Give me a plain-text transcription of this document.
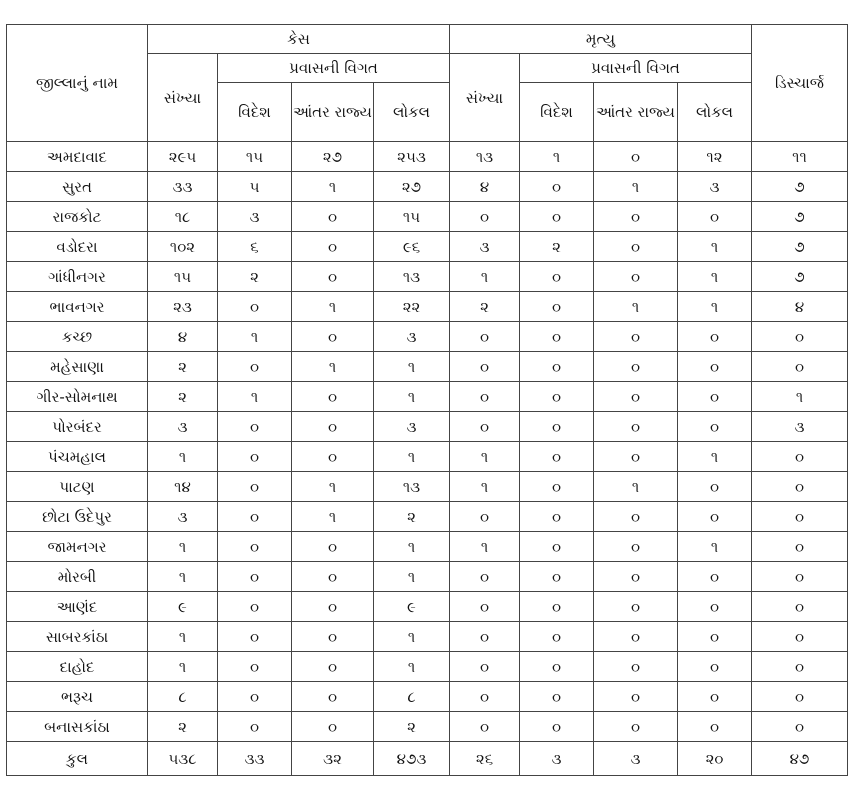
જીલ્લાનું નામ	કેસ				મૃત્યુ				ડિસ્ચાર્જ
	સંખ્યા	પ્રવાસની વિગત			સંખ્યા	પ્રવાસની વિગત			
		વિદેશ	આંતર રાજ્ય	લોકલ		વિદેશ	આંતર રાજ્ય	લોકલ	
અમદાવાદ	૨૯૫	૧૫	૨૭	૨૫૩	૧૩	૧	૦	૧૨	૧૧
સુરત	૩૩	૫	૧	૨૭	૪	૦	૧	૩	૭
રાજકોટ	૧૮	૩	૦	૧૫	૦	૦	૦	૦	૭
વડોદરા	૧૦૨	૬	૦	૯૬	૩	૨	૦	૧	૭
ગાંધીનગર	૧૫	૨	૦	૧૩	૧	૦	૦	૧	૭
ભાવનગર	૨૩	૦	૧	૨૨	૨	૦	૧	૧	૪
કચ્છ	૪	૧	૦	૩	૦	૦	૦	૦	૦
મહેસાણા	૨	૦	૧	૧	૦	૦	૦	૦	૦
ગીર-સોમનાથ	૨	૧	૦	૧	૦	૦	૦	૦	૧
પોરબંદર	૩	૦	૦	૩	૦	૦	૦	૦	૩
પંચમહાલ	૧	૦	૦	૧	૧	૦	૦	૧	૦
પાટણ	૧૪	૦	૧	૧૩	૧	૦	૧	૦	૦
છોટા ઉદેપુર	૩	૦	૧	૨	૦	૦	૦	૦	૦
જામનગર	૧	૦	૦	૧	૧	૦	૦	૧	૦
મોરબી	૧	૦	૦	૧	૦	૦	૦	૦	૦
આણંદ	૯	૦	૦	૯	૦	૦	૦	૦	૦
સાબરકાંઠા	૧	૦	૦	૧	૦	૦	૦	૦	૦
દાહોદ	૧	૦	૦	૧	૦	૦	૦	૦	૦
ભરૂચ	૮	૦	૦	૮	૦	૦	૦	૦	૦
બનાસકાંઠા	૨	૦	૦	૨	૦	૦	૦	૦	૦
કુલ	૫૩૮	૩૩	૩૨	૪૭૩	૨૬	૩	૩	૨૦	૪૭
